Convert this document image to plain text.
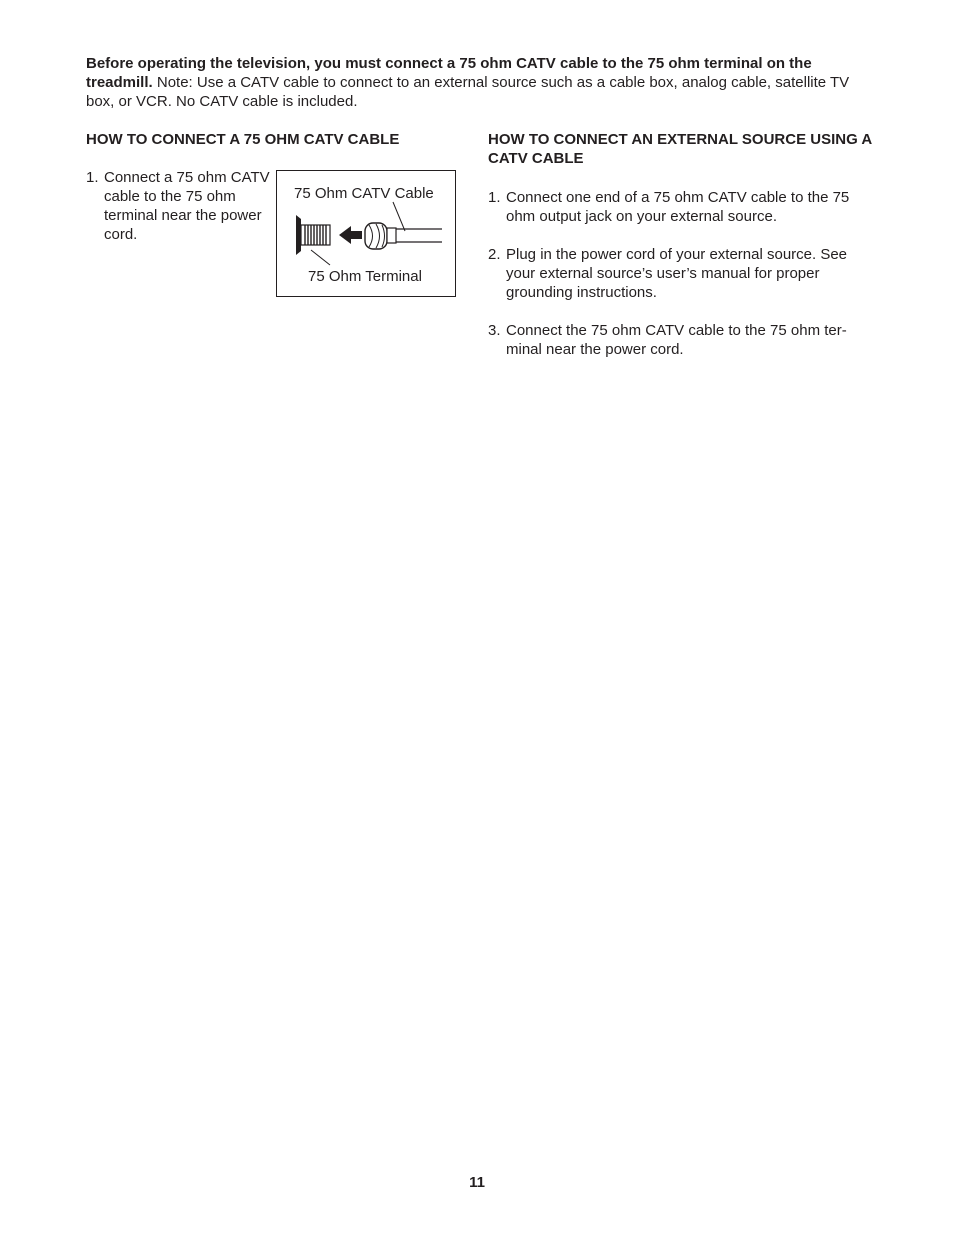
Before operating the television, you must connect a 75 ohm CATV cable to the 75 ohm terminal on the treadmill. Note: Use a CATV cable to connect to an external source such as a cable box, analog cable, satellite TV box, or VCR. No CATV cable is included.

HOW TO CONNECT A 75 OHM CATV CABLE

1. Connect a 75 ohm CATV cable to the 75 ohm terminal near the power cord.

75 Ohm CATV Cable
75 Ohm Terminal
HOW TO CONNECT AN EXTERNAL SOURCE USING A CATV CABLE

1. Connect one end of a 75 ohm CATV cable to the 75 ohm output jack on your external source.

2. Plug in the power cord of your external source. See your external source’s user’s manual for proper grounding instructions.

3. Connect the 75 ohm CATV cable to the 75 ohm ter-minal near the power cord.

11
